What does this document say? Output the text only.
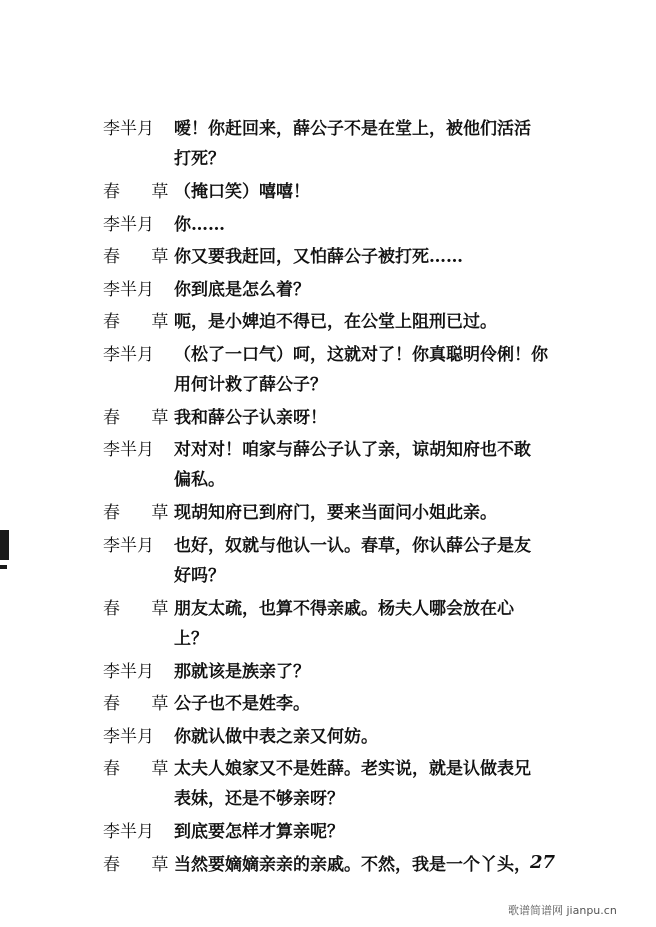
李半月 嗳！你赶回来，薛公子不是在堂上，被他们活活
打死？
春 草
（掩口笑）嘻嘻！
李半月 你……
春 草
你又要我赶回，又怕薛公子被打死……
李半月 你到底是怎么着？
春 草
呃，是小婢迫不得已，在公堂上阻刑已过。
李半月 （松了一口气）呵，这就对了！你真聪明伶俐！你
用何计救了薛公子？
春 草
我和薛公子认亲呀！
李半月 对对对！咱家与薛公子认了亲，谅胡知府也不敢
偏私。
春 草
现胡知府已到府门，要来当面问小姐此亲。
李半月 也好，奴就与他认一认。春草，你认薛公子是友
好吗？
春 草
朋友太疏，也算不得亲戚。杨夫人哪会放在心
上？
李半月 那就该是族亲了？
春 草
公子也不是姓李。
李半月 你就认做中表之亲又何妨。
春 草
太夫人娘家又不是姓薛。老实说，就是认做表兄
表妹，还是不够亲呀？
李半月 到底要怎样才算亲呢？
春 草
当然要嫡嫡亲亲的亲戚。不然，我是一个丫头， 27
歌谱简谱网 jianpu.cn
